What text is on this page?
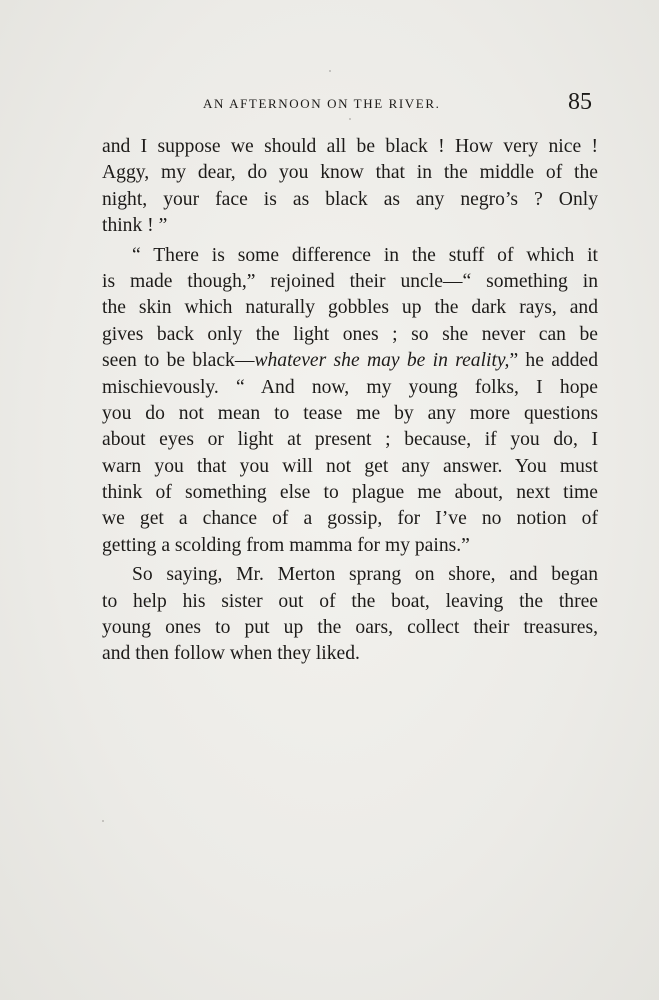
AN AFTERNOON ON THE RIVER.	85
and I suppose we should all be black ! How very nice !
Aggy, my dear, do you know that in the middle of the
night, your face is as black as any negro’s ? Only
think ! ”
“ There is some difference in the stuff of which it
is made though,” rejoined their uncle—“ something in
the skin which naturally gobbles up the dark rays, and
gives back only the light ones ; so she never can be
seen to be black—whatever she may be in reality,” he added
mischievously. “ And now, my young folks, I hope
you do not mean to tease me by any more questions
about eyes or light at present ; because, if you do, I
warn you that you will not get any answer. You must
think of something else to plague me about, next time
we get a chance of a gossip, for I’ve no notion of
getting a scolding from mamma for my pains.”
So saying, Mr. Merton sprang on shore, and began
to help his sister out of the boat, leaving the three
young ones to put up the oars, collect their treasures,
and then follow when they liked.
